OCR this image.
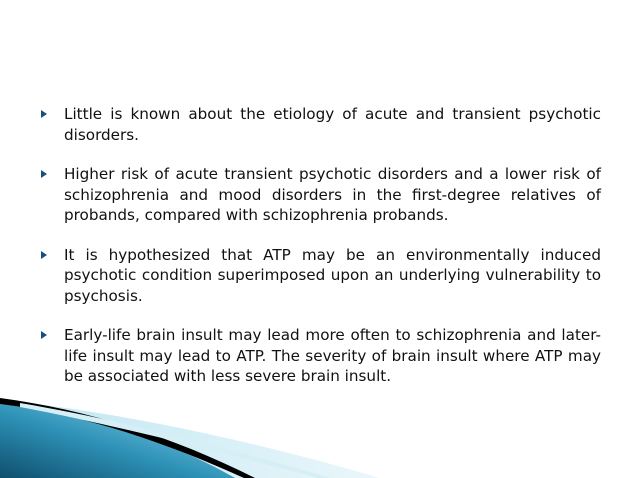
Little is known about the etiology of acute and transient psychotic disorders.
Higher risk of acute transient psychotic disorders and a lower risk of schizophrenia and mood disorders in the first-degree relatives of probands, compared with schizophrenia probands.
It is hypothesized that ATP may be an environmentally induced psychotic condition superimposed upon an underlying vulnerability to psychosis.
Early-life brain insult may lead more often to schizophrenia and later-life insult may lead to ATP. The severity of brain insult where ATP may be associated with less severe brain insult.
